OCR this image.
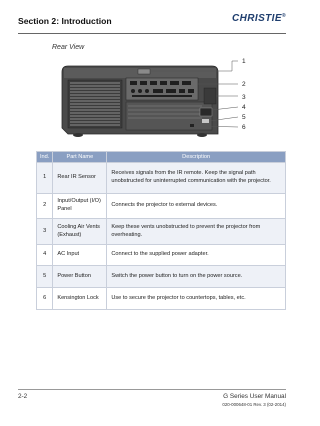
Section 2: Introduction	CHRISTIE®
Rear View
1
2
3
4
5
6
Ind.	Part Name	Description
1	Rear IR Sensor	Receives signals from the IR remote. Keep the signal path unobstructed for uninterrupted communication with the projector.
2	Input/Output (I/O) Panel	Connects the projector to external devices.
3	Cooling Air Vents (Exhaust)	Keep these vents unobstructed to prevent the projector from overheating.
4	AC Input	Connect to the supplied power adapter.
5	Power Button	Switch the power button to turn on the power source.
6	Kensington Lock	Use to secure the projector to countertops, tables, etc.
2-2	G Series User Manual
020-000648-01 Rev. 3 (02-2014)
